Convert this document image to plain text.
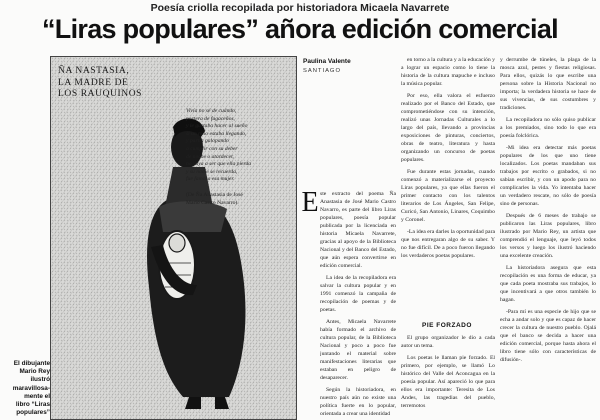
Poesía criolla recopilada por historiadora Micaela Navarrete
“Liras populares” añora edición comercial
ÑA NASTASIA,
LA MADRE DE
LOS RAUQUINOS
Vivía no sé de cuándo,
portera de fugaceños,
y le gustaba hacer al sueño
si un niño estaba llegando,
y partía galopando
a cumplir con su deber
de noche o atardecer,
no vaya a ser que ella pierda
y su nadie se recuerda,
fue famosa esa mujer.
(De Ña Anastasia de José
Mario Castro Navarro).
El dibujante
Mario Rey
ilustró
maravillosa-
mente el
libro “Liras
populares”
Paulina Valente
SANTIAGO
E ste extracto del poema Ña Anastasia de José Mario Castro Navarro, es parte del libro Liras populares, poesía popular publicada por la licenciada en historia Micaela Navarrete, gracias al apoyo de la Biblioteca Nacional y del Banco del Estado, que aún espera convertirse en edición comercial.

La idea de la recopiladora era salvar la cultura popular y en 1991 comenzó la campaña de recopilación de poemas y de poetas.

Antes, Micaela Navarrete había formado el archivo de cultura popular, de la Biblioteca Nacional y poco a poco fue juntando el material sobre manifestaciones literarias que estaban en peligro de desaparecer.

Según la historiadora, en nuestro país aún no existe una política fuerte en lo popular, orientada a crear una identidad

en torno a la cultura y a la educación y a lograr un espacio como lo tiene la historia de la cultura mapuche e incluso la música popular.

Por eso, ella valora el esfuerzo realizado por el Banco del Estado, que comprometiéndose con su intención, realizó unas Jornadas Culturales a lo largo del país, llevando a provincias exposiciones de pinturas, conciertos, obras de teatro, literatura y hasta organizando un concurso de poetas populares.

Fue durante estas jornadas, cuando comenzó a materializarse el proyecto Liras populares, ya que ellas fueron el primer contacto con los talentos literarios de Los Ángeles, San Felipe, Curicó, San Antonio, Linares, Coquimbo y Coronel.

-La idea era darles la oportunidad para que nos entregaran algo de su saber. Y no fue difícil. De a poco fueron llegando los verdaderos poetas populares.

PIE FORZADO

El grupo organizador le dio a cada autor un tema.

Los poetas le llaman pie forzado. El primero, por ejemplo, se llamó Lo histórico del Valle del Aconcagua en la poesía popular. Así apareció lo que para ellos era importante: Teresita de Los Andes, las tragedias del pueblo, terremotos

y derrumbe de túneles, la plaga de la mosca azul, pestes y fiestas religiosas. Para ellos, quizás lo que escribe una persona sobre la Historia Nacional no importa; la verdadera historia se hace de sus vivencias, de sus costumbres y tradiciones.

La recopiladora no sólo quiso publicar a los premiados, sino todo lo que era poesía folclórica.

-Mi idea era detectar más poetas populares de los que uno tiene localizados. Los poetas mandaban sus trabajos por escrito o grabados, si no sabían escribir, y con un apodo para no complicarles la vida. Yo intentaba hacer un verdadero rescate, no sólo de poesía sino de personas.

Después de 6 meses de trabajo se publicaron las Liras populares, libro ilustrado por Mario Rey, un artista que comprendió el lenguaje, que leyó todos los versos y luego los ilustró haciendo una excelente creación.

La historiadora asegura que esta recopilación es una forma de educar, ya que cada poeta mostraba sus trabajos, lo que incentivará a que otros también lo hagan.

-Para mí es una especie de hijo que se echa a andar solo y que es capaz de hacer crecer la cultura de nuestro pueblo. Ojalá que el banco se decida a hacer una edición comercial, porque hasta ahora el libro tiene sólo con características de difusión-.
